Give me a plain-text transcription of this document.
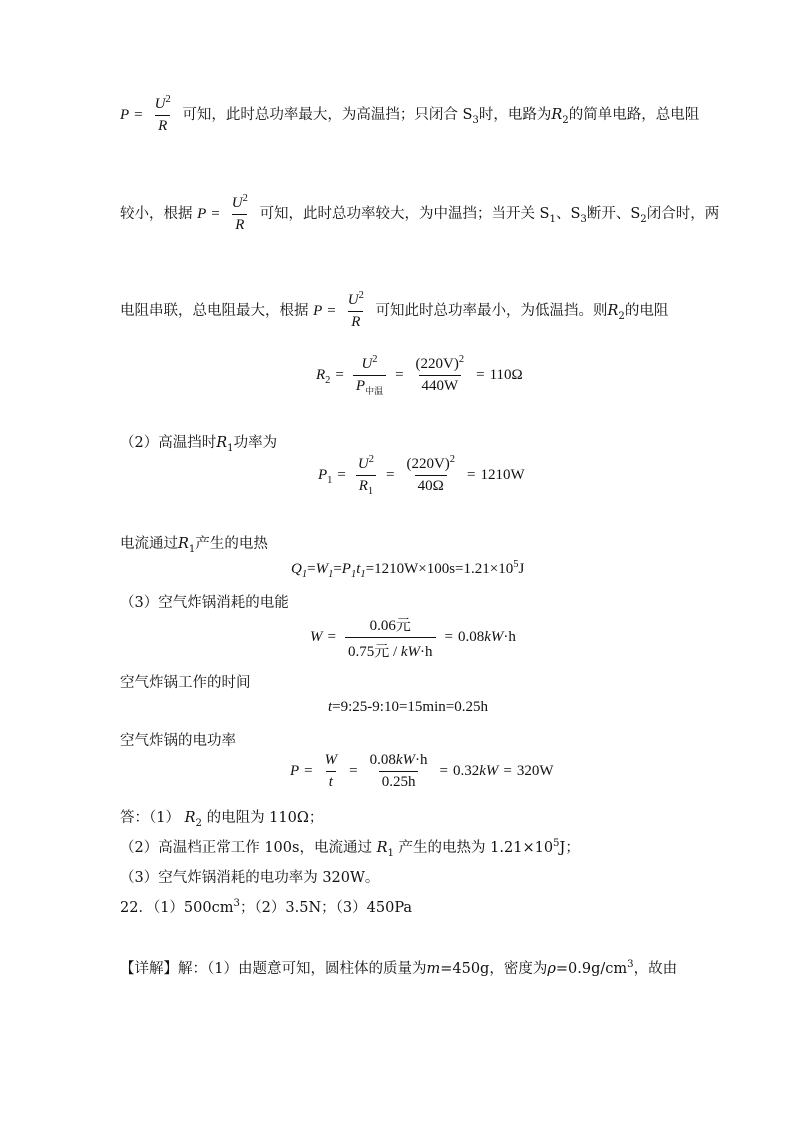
$P = \frac{U^2}{R}$ 可知，此时总功率最大，为高温挡；只闭合 $S_3$时，电路为$R_2$的简单电路，总电阻
较小，根据 $P = \frac{U^2}{R}$ 可知，此时总功率较大，为中温挡；当开关 $S_1$、$S_3$断开、$S_2$闭合时，两
电阻串联，总电阻最大，根据 $P = \frac{U^2}{R}$ 可知此时总功率最小，为低温挡。则$R_2$的电阻
$R_2 = \frac{U^2}{P_{中温}} = \frac{(220V)^2}{440W} = 110\Omega$
（2）高温挡时$R_1$功率为
$P_1 = \frac{U^2}{R_1} = \frac{(220V)^2}{40\Omega} = 1210W$
电流通过$R_1$产生的电热
$Q_1=W_1=P_1t_1=1210W\times 100s=1.21\times 10^5J$
（3）空气炸锅消耗的电能
$W = \frac{\text{0.06元}}{\text{0.75元 / kW·h}} = 0.08kW\cdot h$
空气炸锅工作的时间
t=9:25-9:10=15min=0.25h
空气炸锅的电功率
$P = \frac{W}{t} = \frac{0.08kW\cdot h}{0.25h} = 0.32kW = 320W$
答：（1） $R_2$ 的电阻为 110Ω；
（2）高温档正常工作 100s，电流通过 $R_1$ 产生的电热为 $1.21\times 10^5J$；
（3）空气炸锅消耗的电功率为 320W。
22．$(1)500cm^3$；（2）3.5N；（3）450Pa
【详解】解：（1）由题意可知，圆柱体的质量为m=450g，密度为$\rho=0.9g/cm^3$，故由
